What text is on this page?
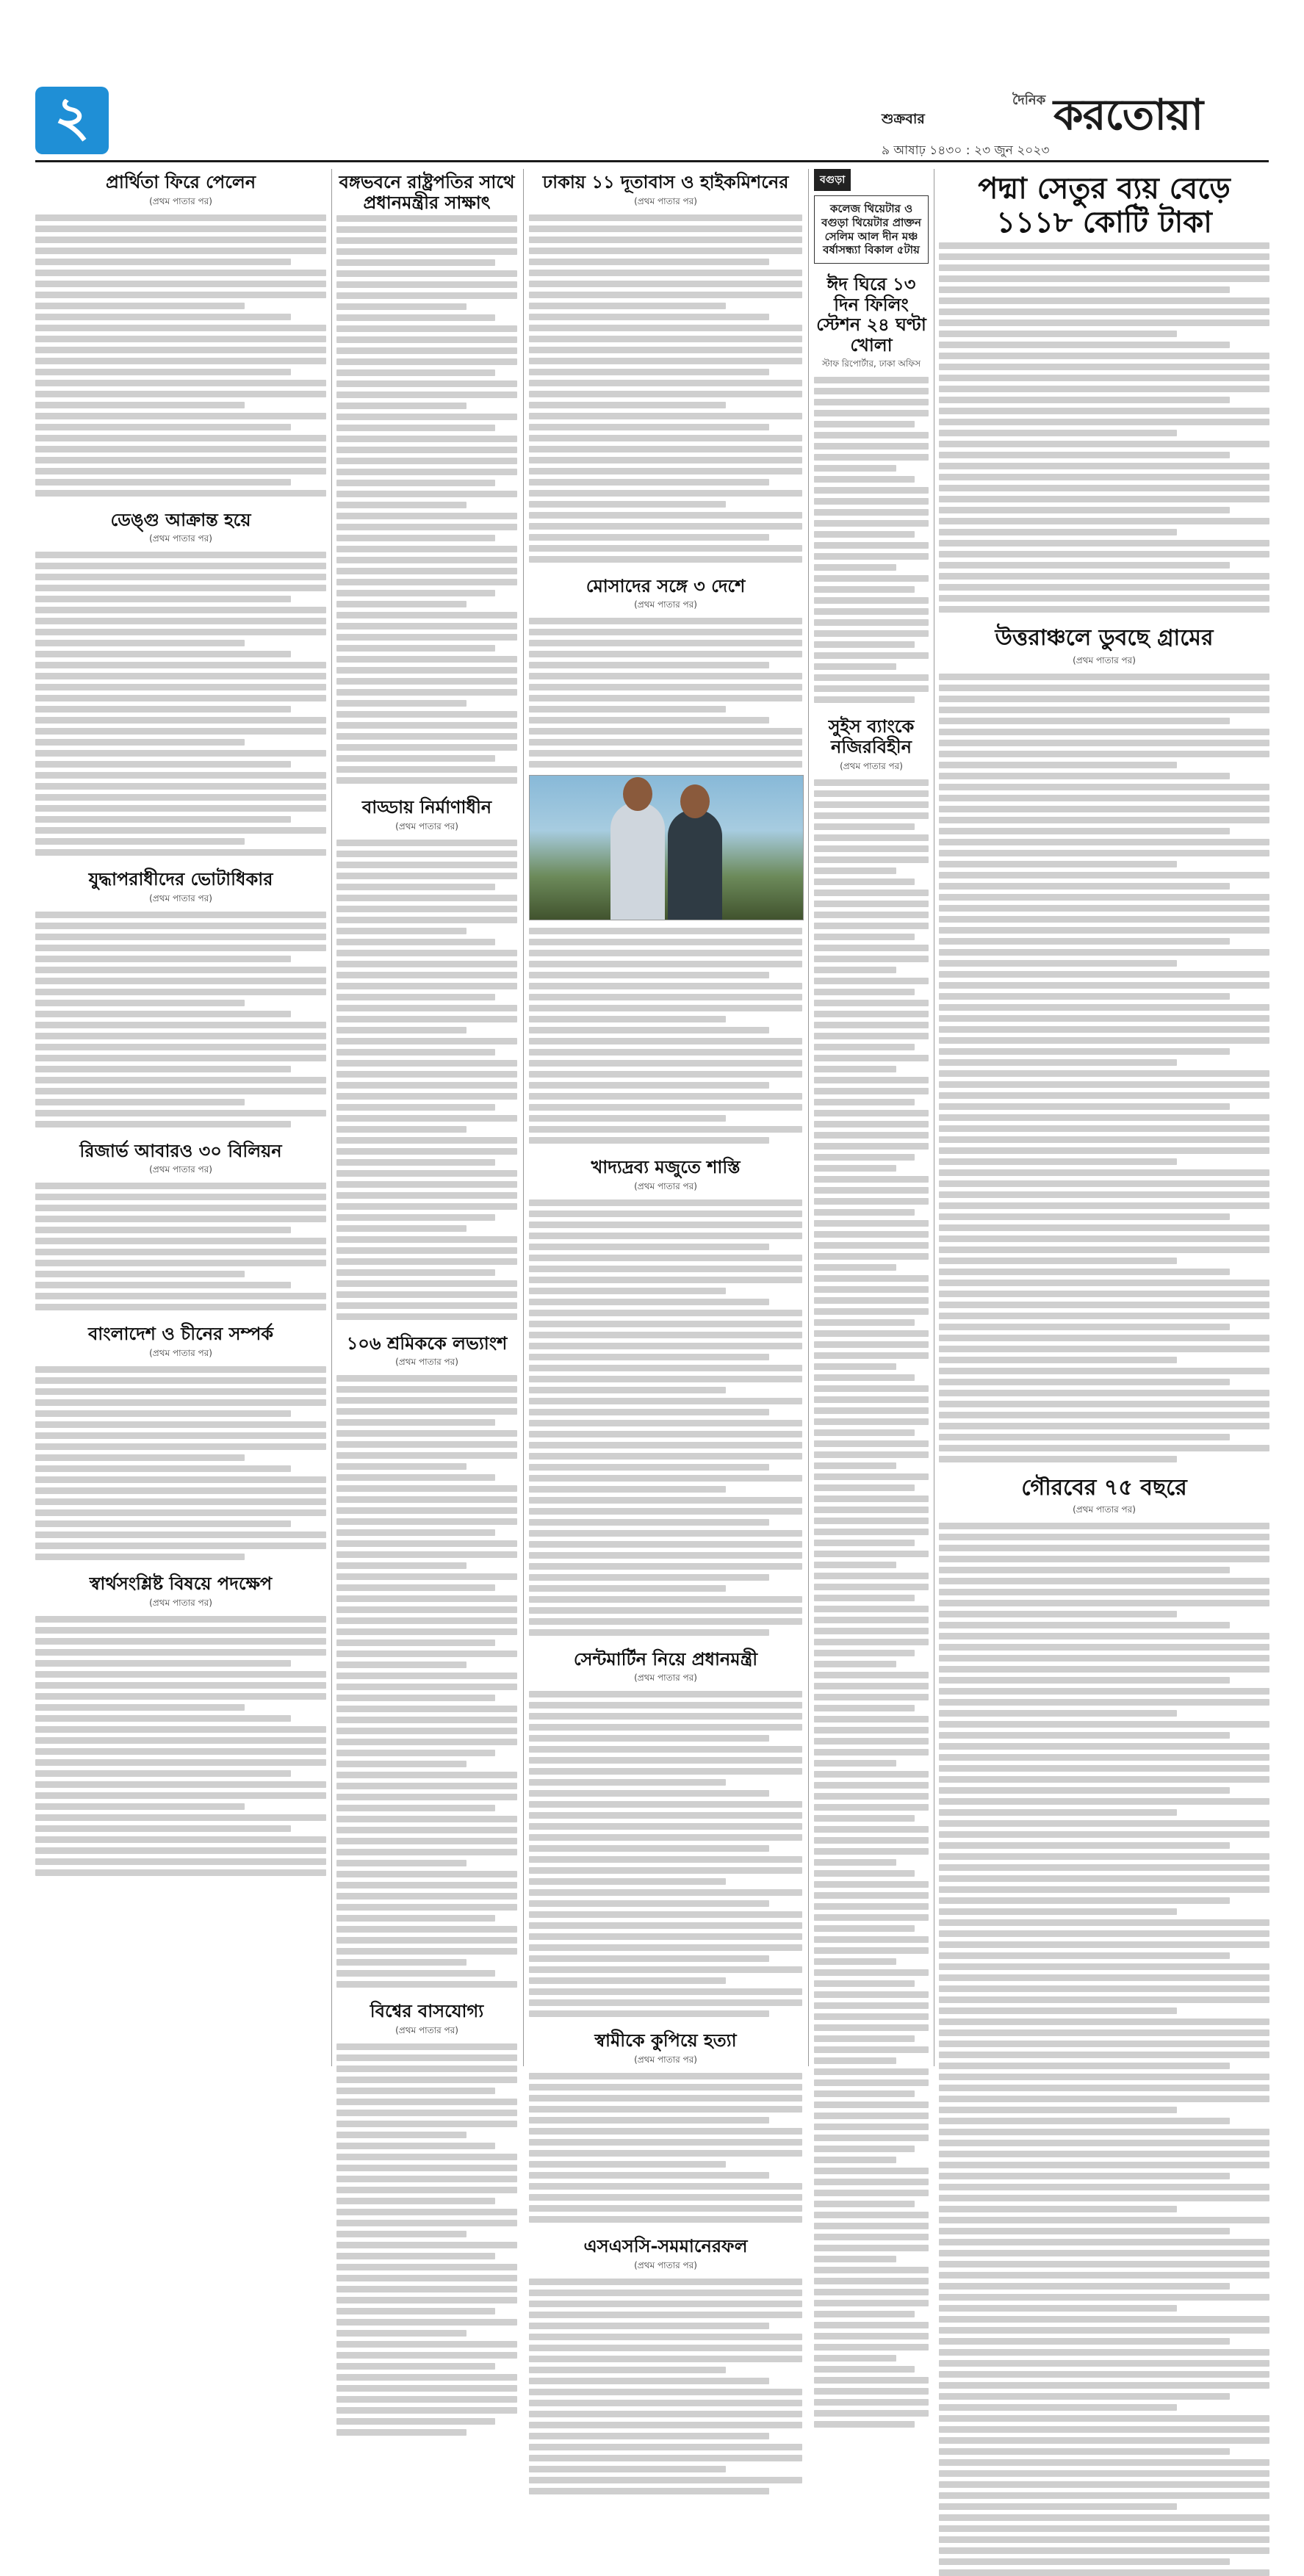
২	শুক্রবার
দৈনিক করতোয়া
৯ আষাঢ় ১৪৩০ : ২৩ জুন ২০২৩
প্রার্থিতা ফিরে পেলেন
(প্রথম পাতার পর)
ডেঙ্গু আক্রান্ত হয়ে
(প্রথম পাতার পর)
যুদ্ধাপরাধীদের ভোটাধিকার
(প্রথম পাতার পর)
রিজার্ভ আবারও ৩০ বিলিয়ন
(প্রথম পাতার পর)
বাংলাদেশ ও চীনের সম্পর্ক
(প্রথম পাতার পর)
স্বার্থসংশ্লিষ্ট বিষয়ে পদক্ষেপ
(প্রথম পাতার পর)
বঙ্গভবনে রাষ্ট্রপতির সাথে প্রধানমন্ত্রীর সাক্ষাৎ
বাড্ডায় নির্মাণাধীন
(প্রথম পাতার পর)
১০৬ শ্রমিককে লভ্যাংশ
(প্রথম পাতার পর)
বিশ্বের বাসযোগ্য
(প্রথম পাতার পর)
ঢাকায় ১১ দূতাবাস ও হাইকমিশনের
(প্রথম পাতার পর)
মোসাদের সঙ্গে ৩ দেশে
(প্রথম পাতার পর)
খাদ্যদ্রব্য মজুতে শাস্তি
(প্রথম পাতার পর)
সেন্টমার্টিন নিয়ে প্রধানমন্ত্রী
(প্রথম পাতার পর)
স্বামীকে কুপিয়ে হত্যা
(প্রথম পাতার পর)
এসএসসি-সমমানেরফল
(প্রথম পাতার পর)
বগুড়া
কলেজ থিয়েটার ও বগুড়া থিয়েটার প্রাক্তন সেলিম আল দীন মঞ্চ বর্ষাসন্ধ্যা বিকাল ৫টায়
ঈদ ঘিরে ১৩ দিন ফিলিং স্টেশন ২৪ ঘণ্টা খোলা
স্টাফ রিপোর্টার, ঢাকা অফিস
সুইস ব্যাংকে নজিরবিহীন
(প্রথম পাতার পর)
পদ্মা সেতুর ব্যয় বেড়ে ১১১৮ কোটি টাকা
উত্তরাঞ্চলে ডুবছে গ্রামের
(প্রথম পাতার পর)
গৌরবের ৭৫ বছরে
(প্রথম পাতার পর)
